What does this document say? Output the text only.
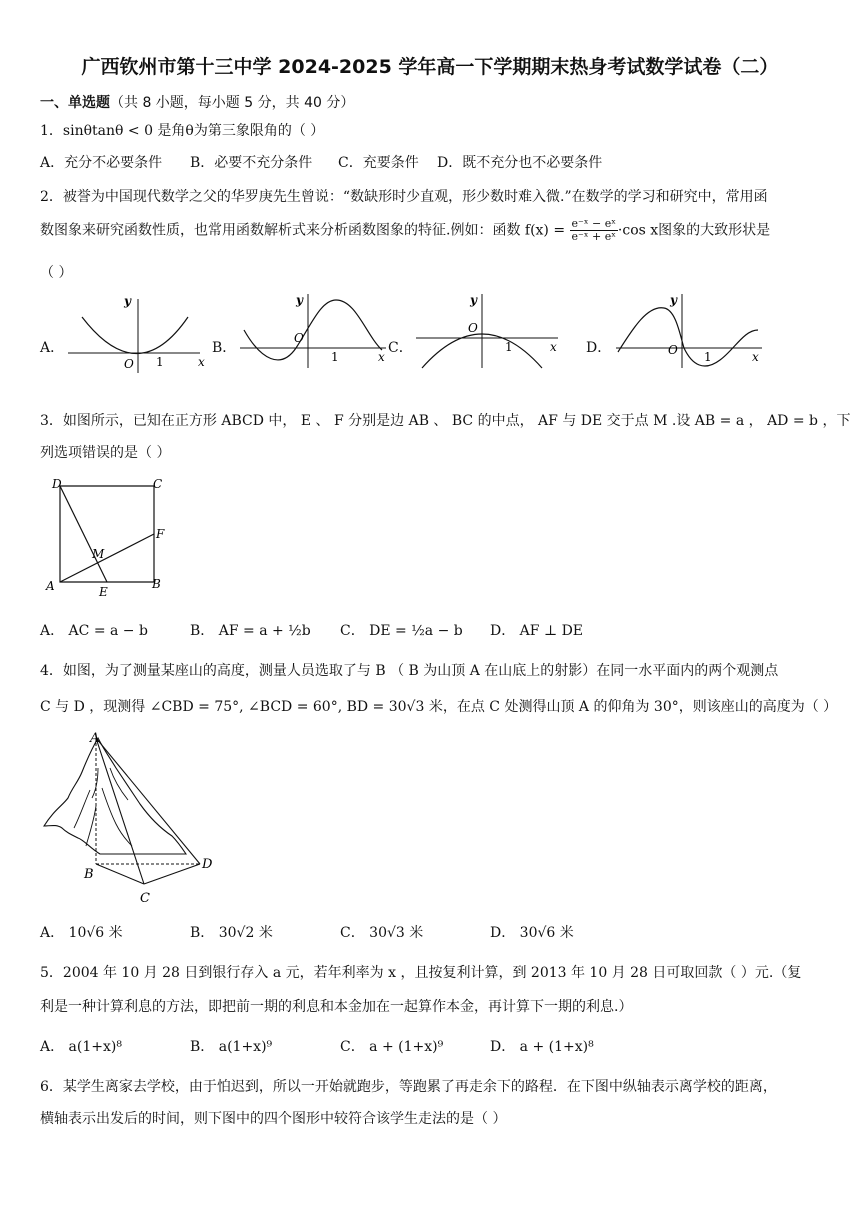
广西钦州市第十三中学 2024-2025 学年高一下学期期末热身考试数学试卷（二）
一、单选题（共 8 小题，每小题 5 分，共 40 分）
1．sinθtanθ < 0 是角θ为第三象限角的（ ）
A．充分不必要条件 B．必要不充分条件 C．充要条件 D．既不充分也不必要条件
2．被誉为中国现代数学之父的华罗庚先生曾说：“数缺形时少直观，形少数时难入微.”在数学的学习和研究中，常用函
数图象来研究函数性质，也常用函数解析式来分析函数图象的特征.例如：函数 $f(x) = \frac{\text{e⁻ˣ − eˣ}}{\text{e⁻ˣ + eˣ}} \cdot\cos$ x图象的大致形状是
（ ）
A．	B．	C．	D．
y
O 1	x
y
O
1	x
y
O
1	x
y
O 1	x
3．如图所示，已知在正方形 ABCD 中， E 、 F 分别是边 AB 、 BC 的中点， AF 与 DE 交于点 M .设 AB = a ， AD = b ，下
列选项错误的是（ ）
D	C
F
M
A	E
B
A． AC = a − b	B． AF = a + ½b C． DE = ½a − b D． AF ⊥ DE
4．如图，为了测量某座山的高度，测量人员选取了与 B （ B 为山顶 A 在山底上的射影）在同一水平面内的两个观测点
C 与 D ，现测得 ∠CBD = 75°, ∠BCD = 60°, BD = 30√3 米，在点 C 处测得山顶 A 的仰角为 30°，则该座山的高度为（ ）
A
B
C
D
A． 10√6 米	B． 30√2 米	C． 30√3 米	D． 30√6 米
5．2004 年 10 月 28 日到银行存入 a 元，若年利率为 x ，且按复利计算，到 2013 年 10 月 28 日可取回款（ ）元.（复
利是一种计算利息的方法，即把前一期的利息和本金加在一起算作本金，再计算下一期的利息.）
A． a(1+x)⁸	B． a(1+x)⁹	C． a + (1+x)⁹	D． a + (1+x)⁸
6．某学生离家去学校，由于怕迟到，所以一开始就跑步，等跑累了再走余下的路程．在下图中纵轴表示离学校的距离，
横轴表示出发后的时间，则下图中的四个图形中较符合该学生走法的是（ ）
